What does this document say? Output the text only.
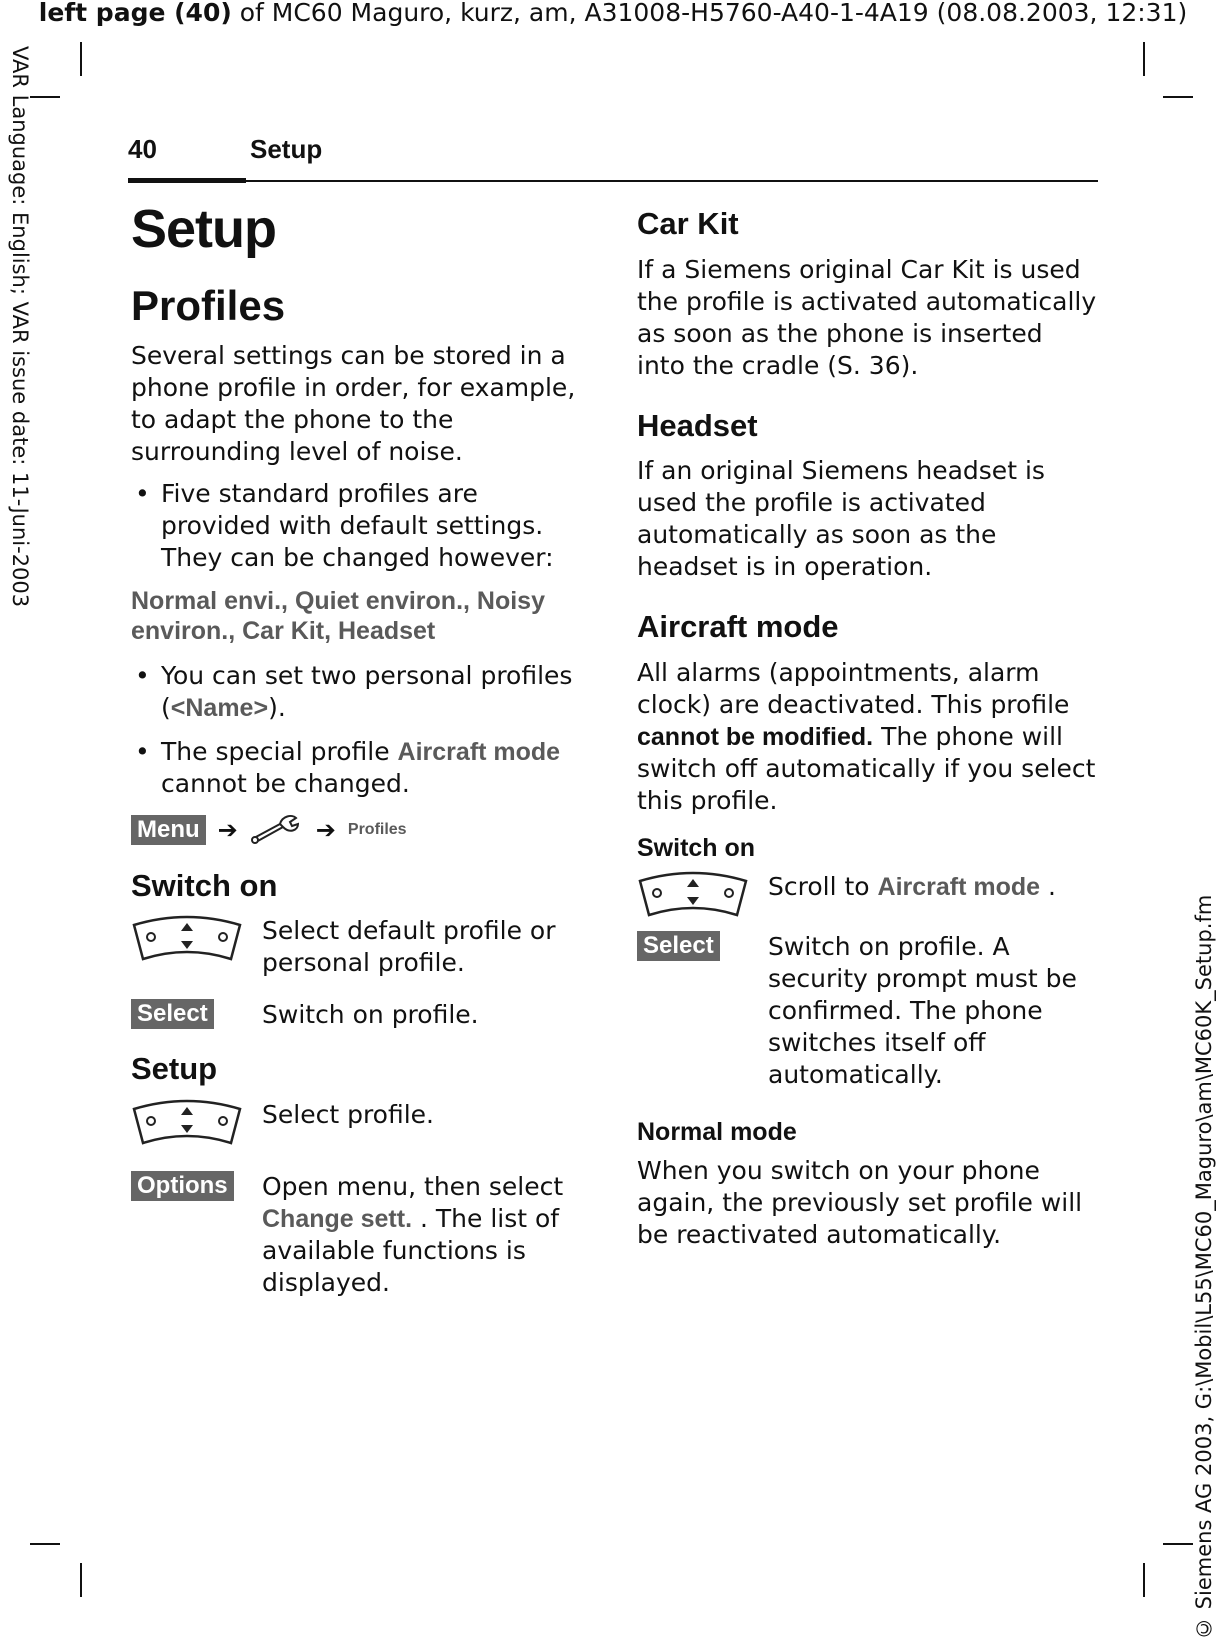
left page (40) of MC60 Maguro, kurz, am, A31008-H5760-A40-1-4A19 (08.08.2003, 12:31)
VAR Language: English; VAR issue date: 11-Juni-2003
© Siemens AG 2003, G:\Mobil\L55\MC60_Maguro\am\MC60K_Setup.fm
40	Setup
Setup
Profiles

Several settings can be stored in a phone profile in order, for example, to adapt the phone to the surrounding level of noise.

• Five standard profiles are provided with default settings. They can be changed however:
Normal envi., Quiet environ., Noisy environ., Car Kit, Headset
• You can set two personal profiles (<Name>).
• The special profile Aircraft mode cannot be changed.
Menu ➔	➔ Profiles
Switch on
Select default profile or personal profile.
Select	Switch on profile.
Setup
Select profile.
Options	Open menu, then select Change sett. . The list of available functions is displayed.
Car Kit

If a Siemens original Car Kit is used the profile is activated automatically as soon as the phone is inserted into the cradle (S. 36).

Headset

If an original Siemens headset is used the profile is activated automatically as soon as the headset is in operation.

Aircraft mode

All alarms (appointments, alarm clock) are deactivated. This profile cannot be modified. The phone will switch off automatically if you select this profile.

Switch on
Scroll to Aircraft mode .
Select	Switch on profile. A security prompt must be confirmed. The phone switches itself off automatically.
Normal mode

When you switch on your phone again, the previously set profile will be reactivated automatically.
